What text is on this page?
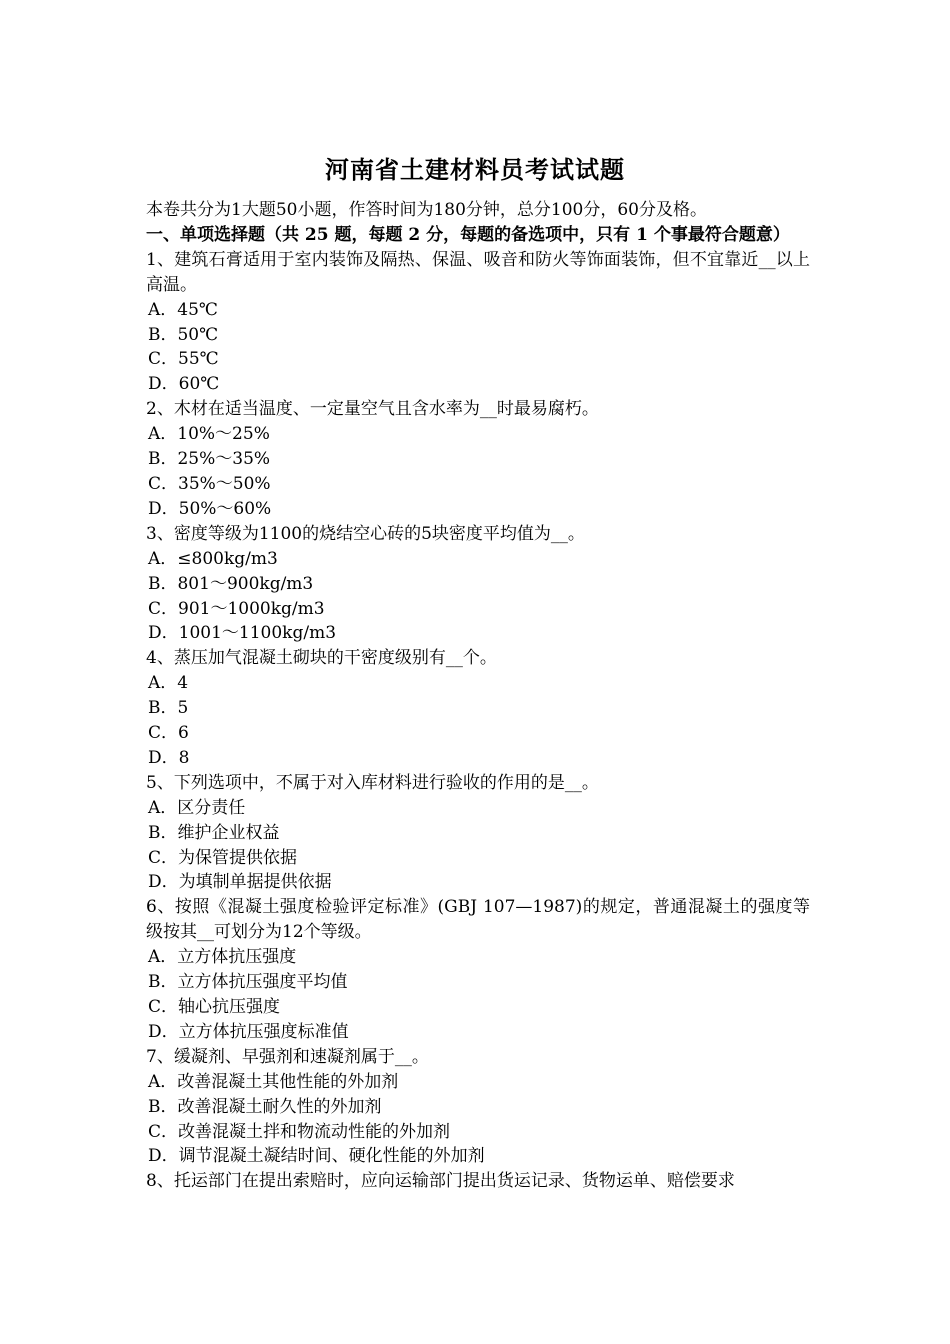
河南省土建材料员考试试题
本卷共分为1大题50小题，作答时间为180分钟，总分100分，60分及格。
一、单项选择题（共 25 题，每题 2 分，每题的备选项中，只有 1 个事最符合题意）
1、建筑石膏适用于室内装饰及隔热、保温、吸音和防火等饰面装饰，但不宜靠近__以上高温。
A．45℃
B．50℃
C．55℃
D．60℃
2、木材在适当温度、一定量空气且含水率为__时最易腐朽。
A．10%～25%
B．25%～35%
C．35%～50%
D．50%～60%
3、密度等级为1100的烧结空心砖的5块密度平均值为__。
A．≤800kg/m3
B．801～900kg/m3
C．901～1000kg/m3
D．1001～1100kg/m3
4、蒸压加气混凝土砌块的干密度级别有__个。
A．4
B．5
C．6
D．8
5、下列选项中，不属于对入库材料进行验收的作用的是__。
A．区分责任
B．维护企业权益
C．为保管提供依据
D．为填制单据提供依据
6、按照《混凝土强度检验评定标准》(GBJ 107—1987)的规定，普通混凝土的强度等级按其__可划分为12个等级。
A．立方体抗压强度
B．立方体抗压强度平均值
C．轴心抗压强度
D．立方体抗压强度标准值
7、缓凝剂、早强剂和速凝剂属于__。
A．改善混凝土其他性能的外加剂
B．改善混凝土耐久性的外加剂
C．改善混凝土拌和物流动性能的外加剂
D．调节混凝土凝结时间、硬化性能的外加剂
8、托运部门在提出索赔时，应向运输部门提出货运记录、货物运单、赔偿要求
